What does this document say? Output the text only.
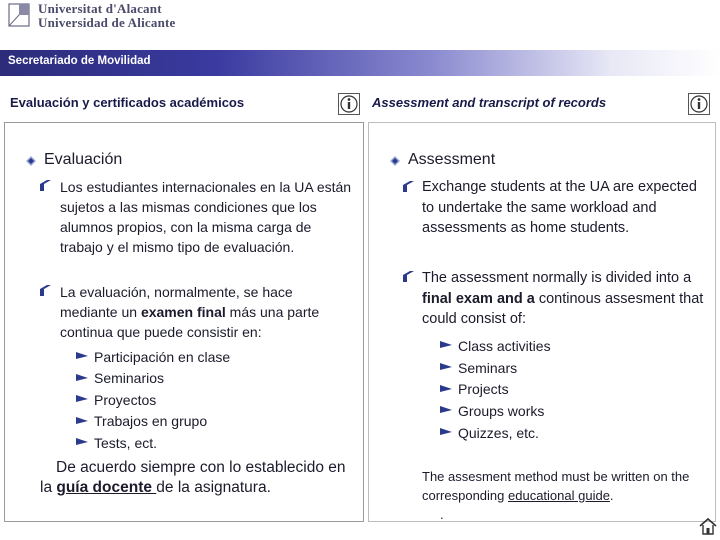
Universitat d'Alacant
Universidad de Alicante
Secretariado de Movilidad
Evaluación y certificados académicos	Assessment and transcript of records
Evaluación
Los estudiantes internacionales en la UA están sujetos a las mismas condiciones que los alumnos propios, con la misma carga de trabajo y el mismo tipo de evaluación.
La evaluación, normalmente, se hace mediante un examen final más una parte continua que puede consistir en:
Participación en clase
Seminarios
Proyectos
Trabajos en grupo
Tests, ect.
De acuerdo siempre con lo establecido en la guía docente de la asignatura.
Assessment
Exchange students at the UA are expected to undertake the same workload and assessments as home students.
The assessment normally is divided into a final exam and a continous assesment that could consist of:
Class activities
Seminars
Projects
Groups works
Quizzes, etc.
The assesment method must be written on the corresponding educational guide.
.
